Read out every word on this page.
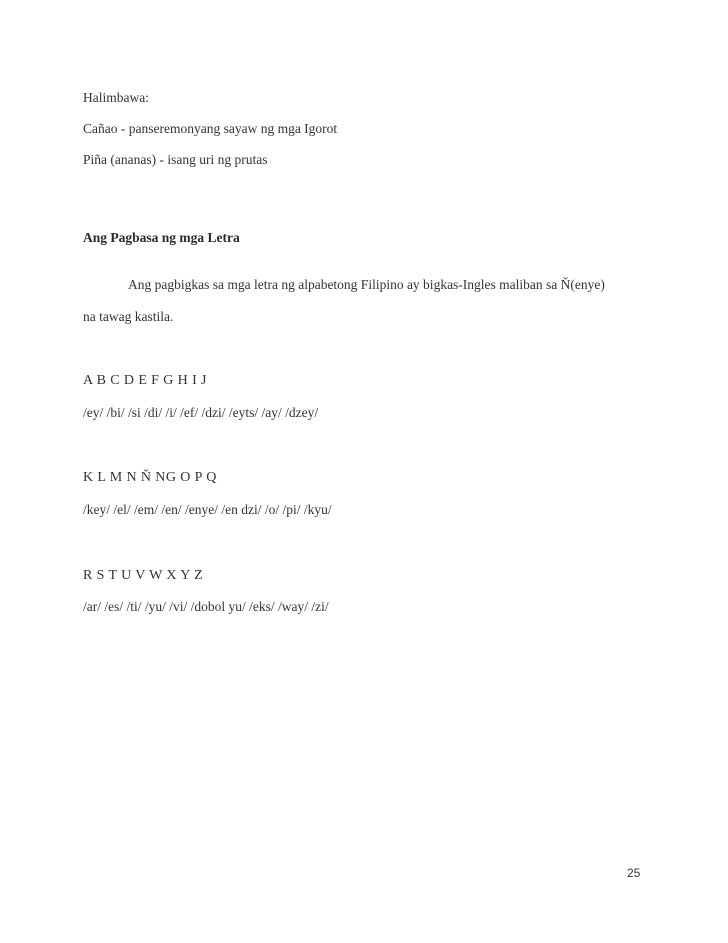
Halimbawa:

Cañao - panseremonyang sayaw ng mga Igorot

Piña (ananas) - isang uri ng prutas

Ang Pagbasa ng mga Letra

Ang pagbigkas sa mga letra ng alpabetong Filipino ay bigkas-Ingles maliban sa Ň(enye)

na tawag kastila.

A B C D E F G H I J

/ey/ /bi/ /si /di/ /i/ /ef/ /dzi/ /eyts/ /ay/ /dzey/

K L M N Ň NG O P Q

/key/ /el/ /em/ /en/ /enye/ /en dzi/ /o/ /pi/ /kyu/

R S T U V W X Y Z

/ar/ /es/ /ti/ /yu/ /vi/ /dobol yu/ /eks/ /way/ /zi/

25
